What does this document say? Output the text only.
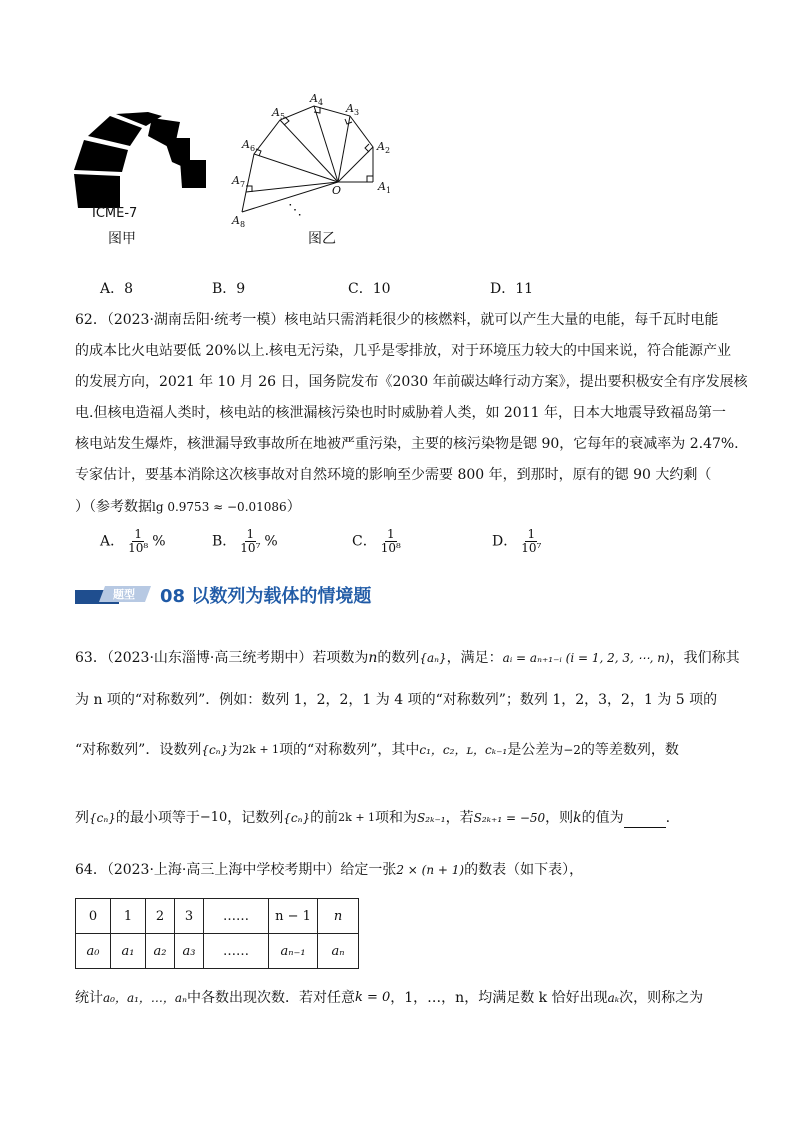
ICME-7
图甲
A 1
A 2
A 3
A 4
A 5
A 6
A 7
A 8
O
⋱
图乙
A．8	B．9	C．10	D．11
62．（2023·湖南岳阳·统考一模）核电站只需消耗很少的核燃料，就可以产生大量的电能，每千瓦时电能
的成本比火电站要低 20%以上.核电无污染，几乎是零排放，对于环境压力较大的中国来说，符合能源产业
的发展方向，2021 年 10 月 26 日，国务院发布《2030 年前碳达峰行动方案》，提出要积极安全有序发展核
电.但核电造福人类时，核电站的核泄漏核污染也时时威胁着人类，如 2011 年，日本大地震导致福岛第一
核电站发生爆炸，核泄漏导致事故所在地被严重污染，主要的核污染物是锶 90，它每年的衰减率为 2.47%.
专家估计，要基本消除这次核事故对自然环境的影响至少需要 800 年，到那时，原有的锶 90 大约剩（
）（参考数据lg 0.9753 ≈ −0.01086）
A． $\frac{1}{\text{10⁸}}$ %	B． $\frac{1}{\text{10⁷}}$ %	C． $\frac{1}{\text{10⁸}}$	D． $\frac{1}{\text{10⁷}}$
题型 08 以数列为载体的情境题
63．（2023·山东淄博·高三统考期中）若项数为n的数列{aₙ}，满足：aᵢ = aₙ₊₁₋ᵢ (i = 1, 2, 3, ⋯, n)，我们称其
为 n 项的“对称数列”．例如：数列 1，2，2，1 为 4 项的“对称数列”；数列 1，2，3，2，1 为 5 项的
“对称数列”．设数列{cₙ}为$^{2k + 1}$项的“对称数列”，其中c₁，c₂，ʟ，cₖ₋₁是公差为−2的等差数列，数
列{cₙ}的最小项等于−10，记数列{cₙ}的前$^{2k + 1}$项和为S₂ₖ₋₁，若S₂ₖ₊₁ = −50，则k的值为	.
64．（2023·上海·高三上海中学校考期中）给定一张2 × (n + 1)的数表（如下表），
0	1	2	3	……	n − 1	n
a₀	a₁	a₂	a₃	……	aₙ₋₁	aₙ
统计a₀，a₁，…，aₙ中各数出现次数．若对任意k = 0，1，…，n，均满足数 k 恰好出现aₖ次，则称之为
